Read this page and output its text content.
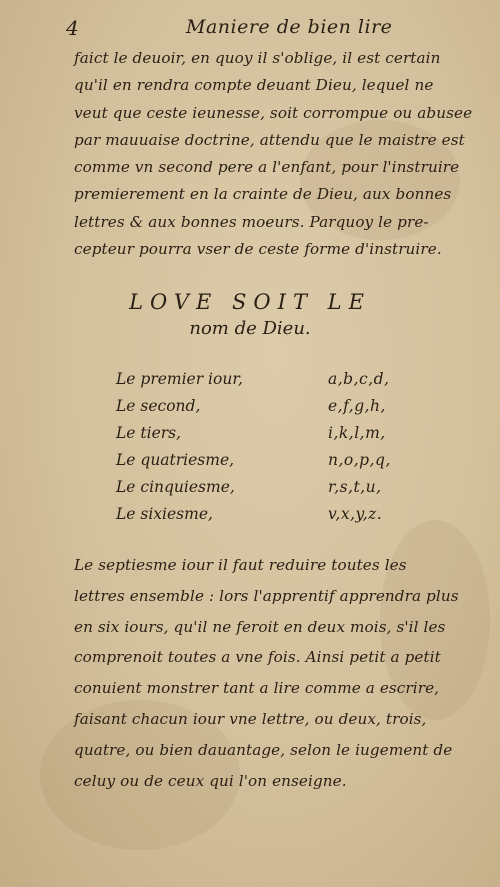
4	Maniere de bien lire
faict le deuoir, en quoy il s'oblige, il est certain
qu'il en rendra compte deuant Dieu, lequel ne
veut que ceste ieunesse, soit corrompue ou abusee
par mauuaise doctrine, attendu que le maistre est
comme vn second pere a l'enfant, pour l'instruire
premierement en la crainte de Dieu, aux bonnes
lettres & aux bonnes moeurs. Parquoy le pre-
cepteur pourra vser de ceste forme d'instruire.
LOVE SOIT LE
nom de Dieu.
Le premier iour,	a,b,c,d,
Le second,	e,f,g,h,
Le tiers,	i,k,l,m,
Le quatriesme,	n,o,p,q,
Le cinquiesme,	r,s,t,u,
Le sixiesme,	v,x,y,z.
Le septiesme iour il faut reduire toutes les
lettres ensemble : lors l'apprentif apprendra plus
en six iours, qu'il ne feroit en deux mois, s'il les
comprenoit toutes a vne fois. Ainsi petit a petit
conuient monstrer tant a lire comme a escrire,
faisant chacun iour vne lettre, ou deux, trois,
quatre, ou bien dauantage, selon le iugement de
celuy ou de ceux qui l'on enseigne.
